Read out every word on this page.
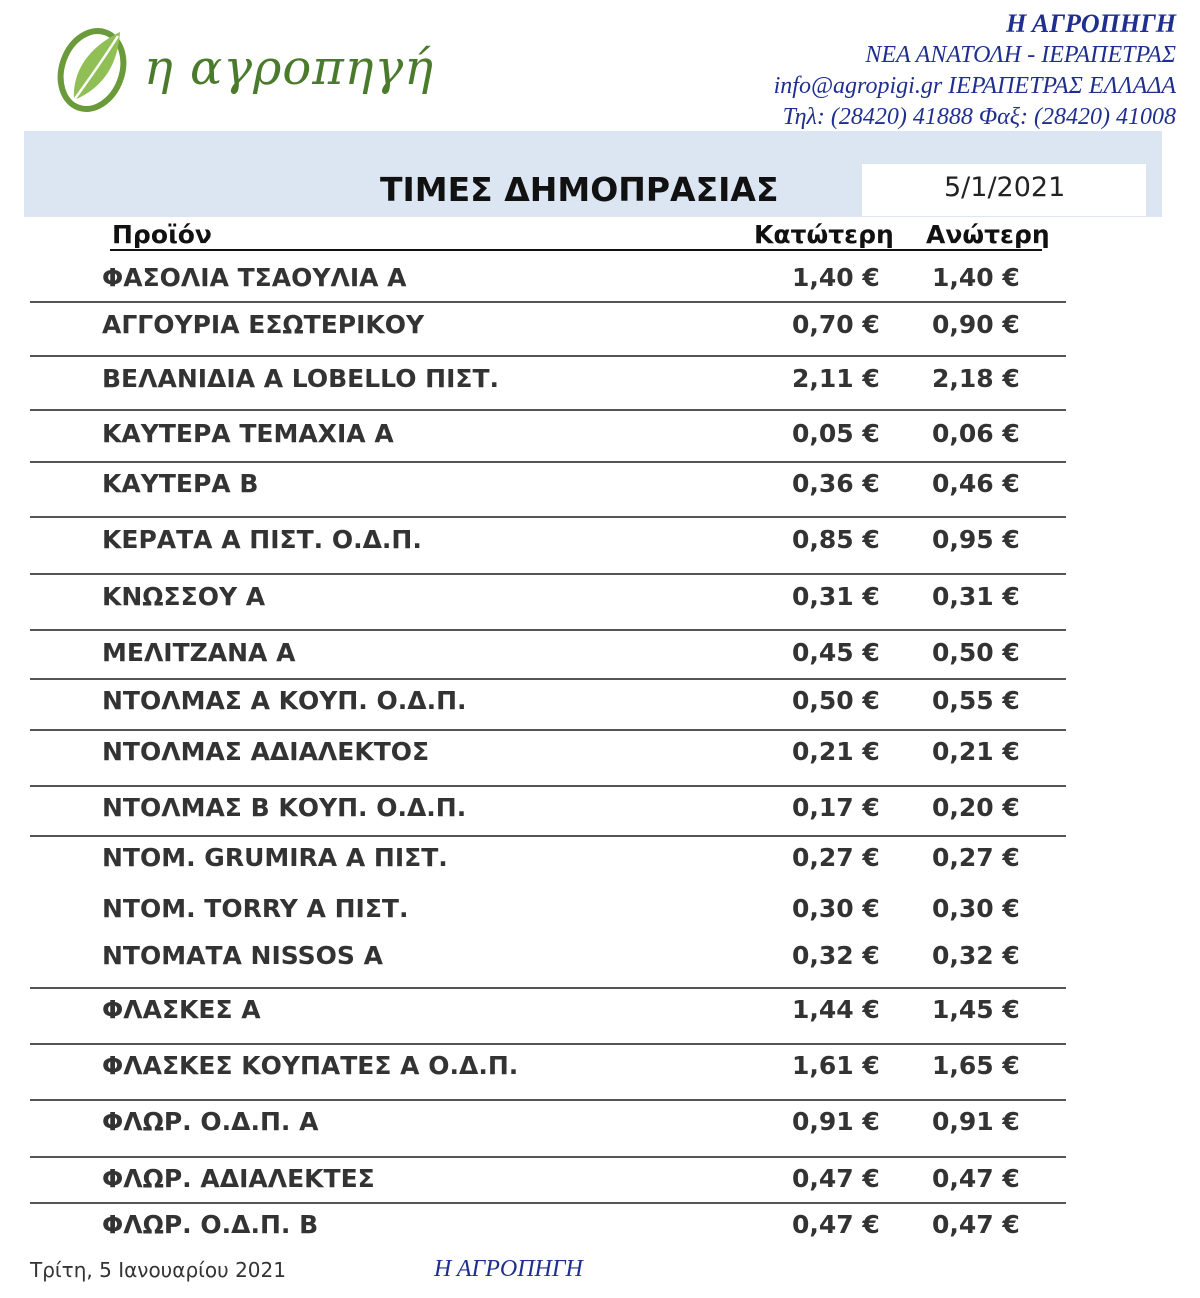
η αγροπηγή
Η ΑΓΡΟΠΗΓΗ
ΝΕΑ ΑΝΑΤΟΛΗ - ΙΕΡΑΠΕΤΡΑΣ
info@agropigi.gr ΙΕΡΑΠΕΤΡΑΣ ΕΛΛΑΔΑ
Τηλ: (28420) 41888 Φαξ: (28420) 41008
5/1/2021
ΤΙΜΕΣ ΔΗΜΟΠΡΑΣΙΑΣ
Προϊόν	Κατώτερη Ανώτερη
ΦΑΣΟΛΙΑ ΤΣΑΟΥΛΙΑ Α	1,40 € 1,40 €
ΑΓΓΟΥΡΙΑ ΕΣΩΤΕΡΙΚΟΥ	0,70 € 0,90 €
ΒΕΛΑΝΙΔΙΑ Α LOBELLO ΠΙΣΤ.	2,11 € 2,18 €
ΚΑΥΤΕΡΑ ΤΕΜΑΧΙΑ Α	0,05 € 0,06 €
ΚΑΥΤΕΡΑ Β	0,36 € 0,46 €
ΚΕΡΑΤΑ Α ΠΙΣΤ. Ο.Δ.Π.	0,85 € 0,95 €
ΚΝΩΣΣΟΥ Α	0,31 € 0,31 €
ΜΕΛΙΤΖΑΝΑ Α	0,45 € 0,50 €
ΝΤΟΛΜΑΣ Α ΚΟΥΠ. Ο.Δ.Π.	0,50 € 0,55 €
ΝΤΟΛΜΑΣ ΑΔΙΑΛΕΚΤΟΣ	0,21 € 0,21 €
ΝΤΟΛΜΑΣ Β ΚΟΥΠ. Ο.Δ.Π.	0,17 € 0,20 €
ΝΤΟΜ. GRUMIRA Α ΠΙΣΤ.	0,27 € 0,27 €
ΝΤΟΜ. TORRY Α ΠΙΣΤ.	0,30 € 0,30 €
ΝΤΟΜΑΤΑ NISSOS Α	0,32 € 0,32 €
ΦΛΑΣΚΕΣ Α	1,44 € 1,45 €
ΦΛΑΣΚΕΣ ΚΟΥΠΑΤΕΣ Α Ο.Δ.Π.	1,61 € 1,65 €
ΦΛΩΡ. Ο.Δ.Π. Α	0,91 € 0,91 €
ΦΛΩΡ. ΑΔΙΑΛΕΚΤΕΣ	0,47 € 0,47 €
ΦΛΩΡ. Ο.Δ.Π. Β	0,47 € 0,47 €
Τρίτη, 5 Ιανουαρίου 2021	Η ΑΓΡΟΠΗΓΗ
